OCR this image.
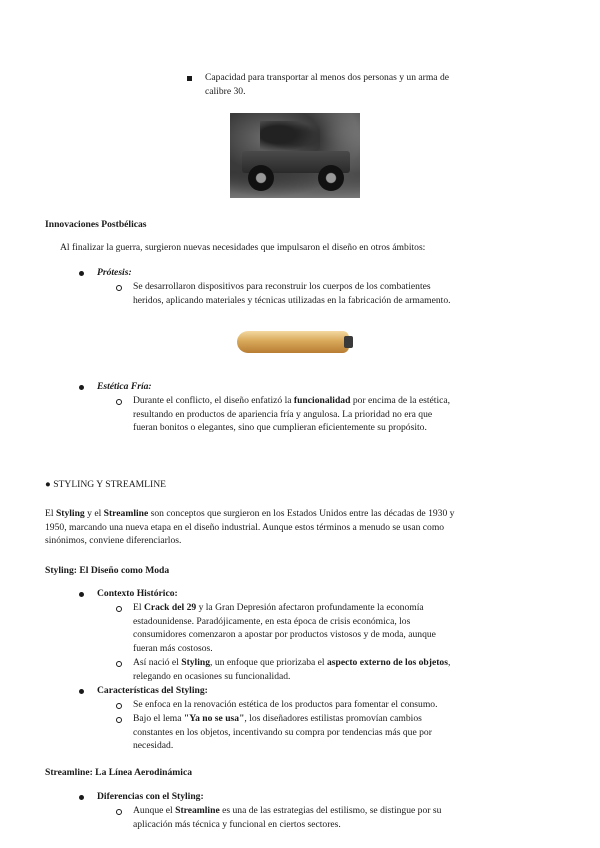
Capacidad para transportar al menos dos personas y un arma de
calibre 30.
Innovaciones Postbélicas
Al finalizar la guerra, surgieron nuevas necesidades que impulsaron el diseño en otros ámbitos:
Prótesis:
Se desarrollaron dispositivos para reconstruir los cuerpos de los combatientes
heridos, aplicando materiales y técnicas utilizadas en la fabricación de armamento.
Estética Fría:
Durante el conflicto, el diseño enfatizó la funcionalidad por encima de la estética,
resultando en productos de apariencia fría y angulosa. La prioridad no era que
fueran bonitos o elegantes, sino que cumplieran eficientemente su propósito.
● STYLING Y STREAMLINE
El Styling y el Streamline son conceptos que surgieron en los Estados Unidos entre las décadas de 1930 y
1950, marcando una nueva etapa en el diseño industrial. Aunque estos términos a menudo se usan como
sinónimos, conviene diferenciarlos.
Styling: El Diseño como Moda
Contexto Histórico:
El Crack del 29 y la Gran Depresión afectaron profundamente la economía
estadounidense. Paradójicamente, en esta época de crisis económica, los
consumidores comenzaron a apostar por productos vistosos y de moda, aunque
fueran más costosos.
Así nació el Styling, un enfoque que priorizaba el aspecto externo de los objetos,
relegando en ocasiones su funcionalidad.
Características del Styling:
Se enfoca en la renovación estética de los productos para fomentar el consumo.
Bajo el lema "Ya no se usa", los diseñadores estilistas promovían cambios
constantes en los objetos, incentivando su compra por tendencias más que por
necesidad.
Streamline: La Línea Aerodinámica
Diferencias con el Styling:
Aunque el Streamline es una de las estrategias del estilismo, se distingue por su
aplicación más técnica y funcional en ciertos sectores.
